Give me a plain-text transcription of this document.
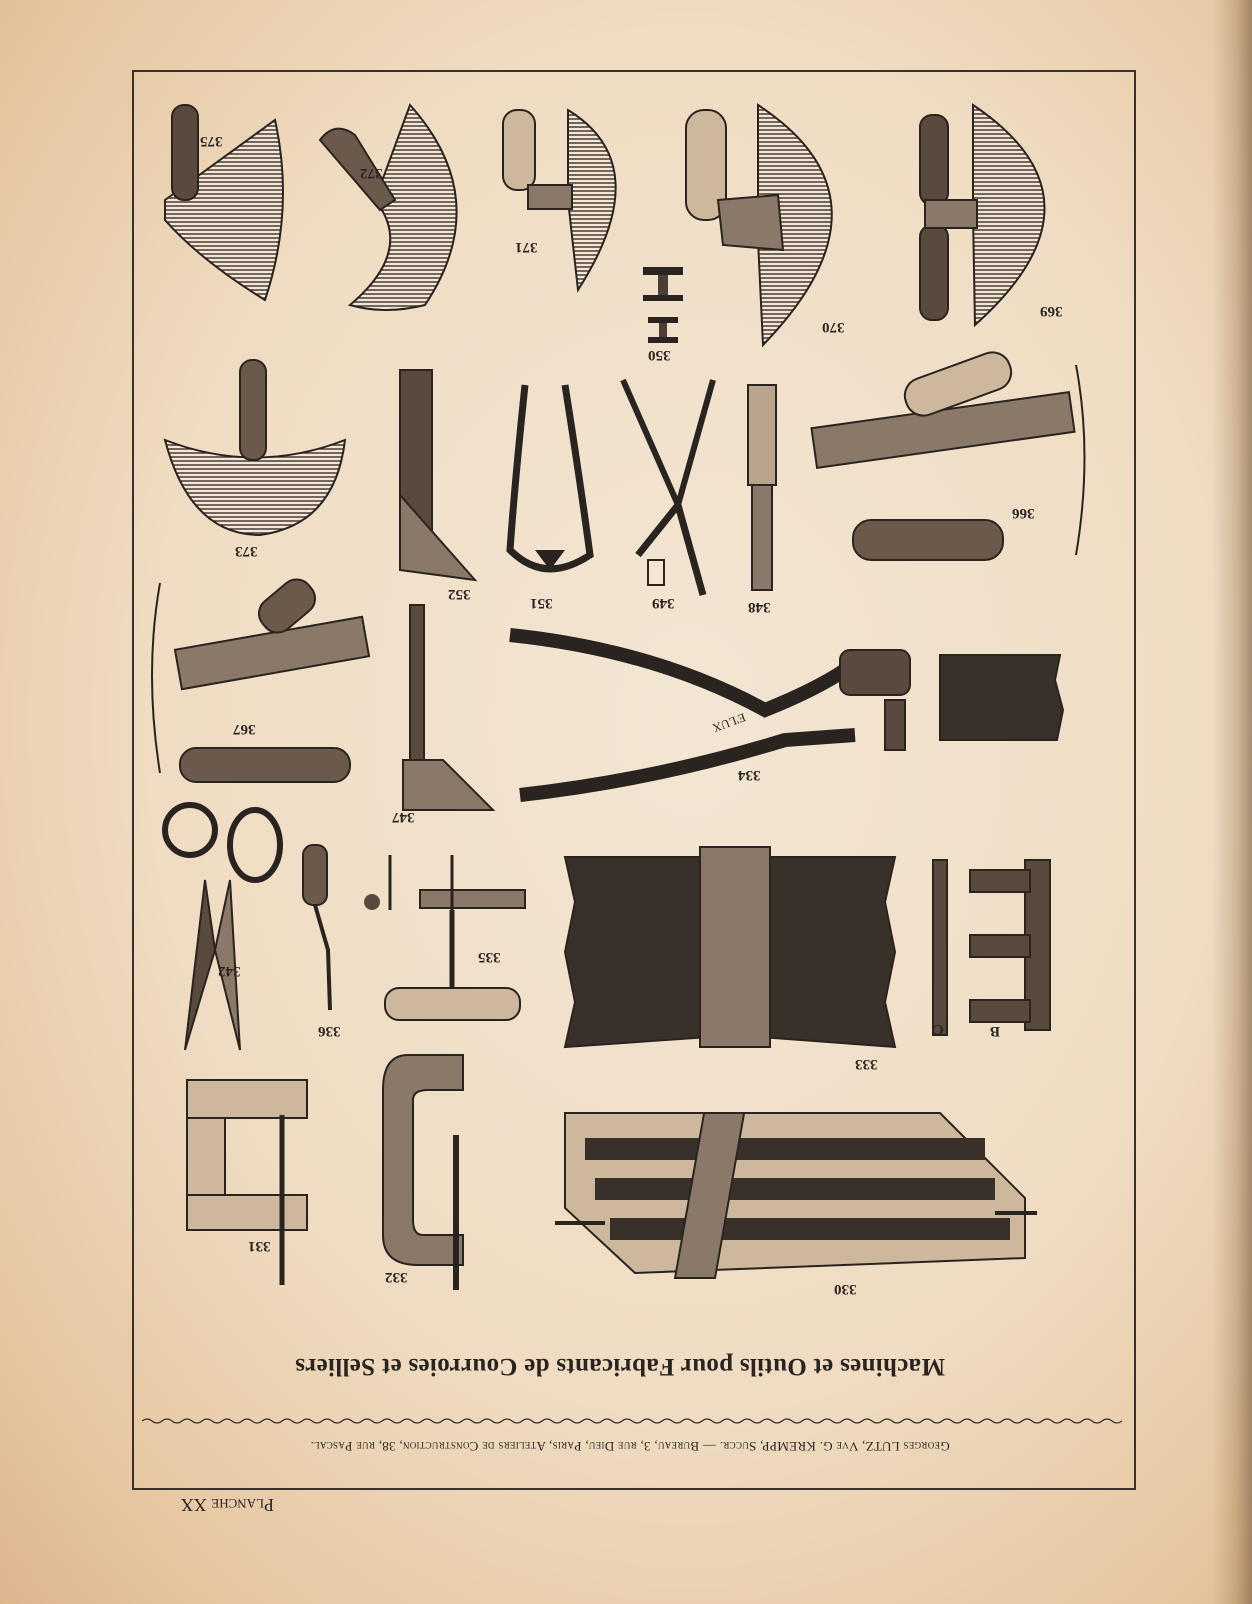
E'LUX
375
372
371
370
350
369
373
352
351	349	348
366
367
347
334
342
336
335
333
331
332
330
B
C
Machines et Outils pour Fabricants de Courroies et Selliers
Georges LUTZ, Vve G. KREMPP, Succr. — Bureau, 3, rue Dieu, Paris, Ateliers de Construction, 38, rue Pascal.
Planche XX
